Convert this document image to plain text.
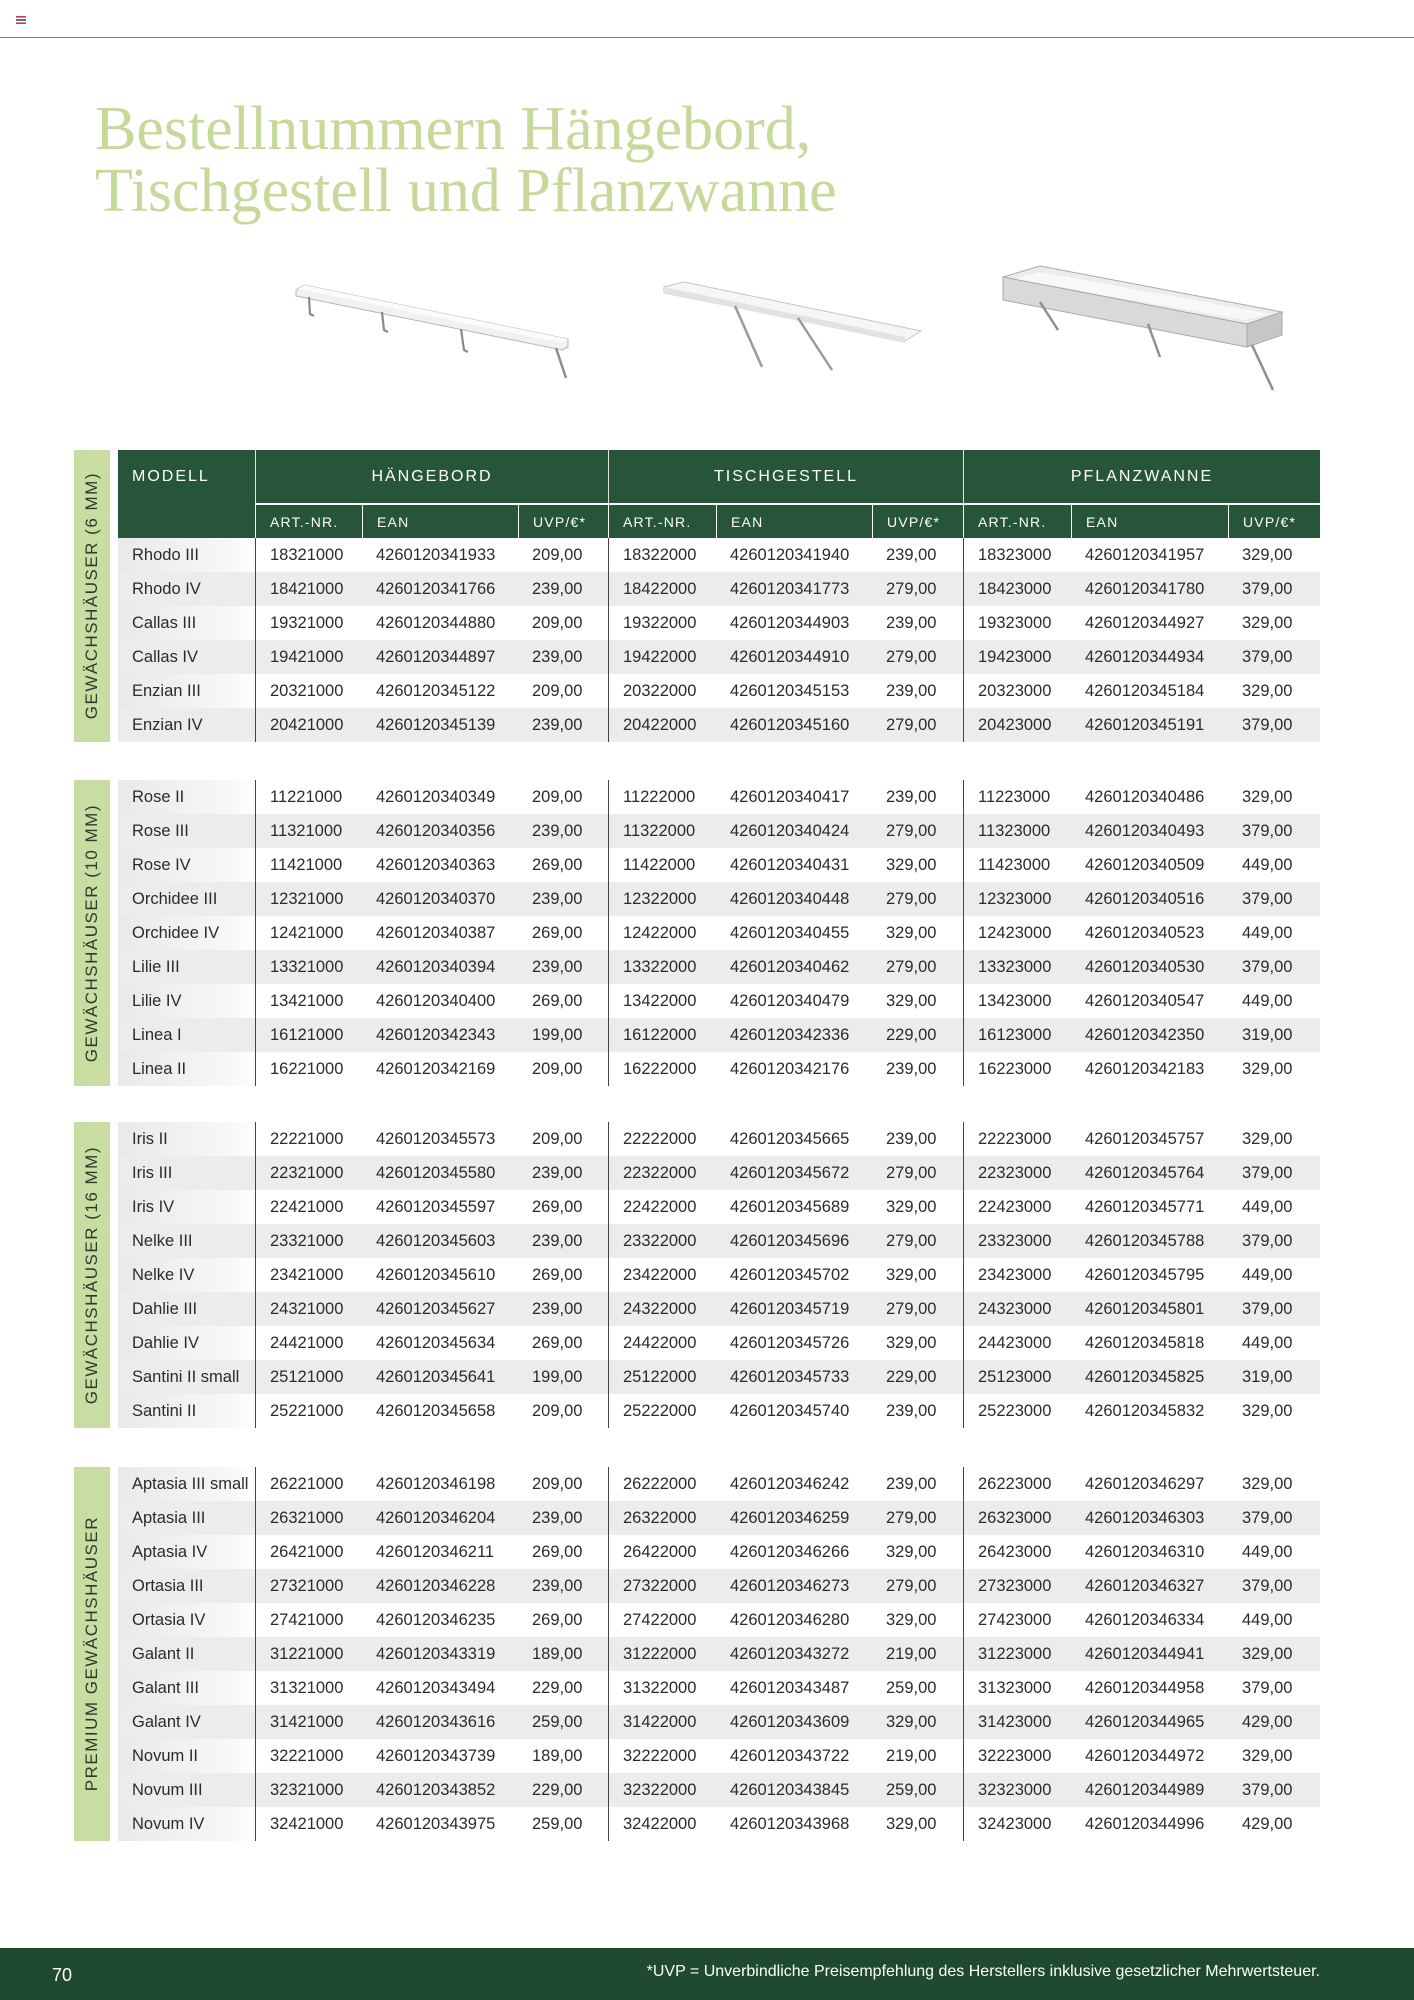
Bestellnummern Hängebord,
Tischgestell und Pflanzwanne
MODELL	HÄNGEBORD	TISCHGESTELL	PFLANZWANNE
ART.-NR.	EAN	UVP/€*	ART.-NR.	EAN	UVP/€*	ART.-NR.	EAN	UVP/€*
GEWÄCHSHÄUSER (6 MM)	Rhodo III	18321000	4260120341933	209,00	18322000	4260120341940	239,00	18323000	4260120341957	329,00
Rhodo IV	18421000	4260120341766	239,00	18422000	4260120341773	279,00	18423000	4260120341780	379,00
Callas III	19321000	4260120344880	209,00	19322000	4260120344903	239,00	19323000	4260120344927	329,00
Callas IV	19421000	4260120344897	239,00	19422000	4260120344910	279,00	19423000	4260120344934	379,00
Enzian III	20321000	4260120345122	209,00	20322000	4260120345153	239,00	20323000	4260120345184	329,00
Enzian IV	20421000	4260120345139	239,00	20422000	4260120345160	279,00	20423000	4260120345191	379,00
GEWÄCHSHÄUSER (10 MM)
Rose II	11221000	4260120340349	209,00	11222000	4260120340417	239,00	11223000	4260120340486	329,00
Rose III	11321000	4260120340356	239,00	11322000	4260120340424	279,00	11323000	4260120340493	379,00
Rose IV	11421000	4260120340363	269,00	11422000	4260120340431	329,00	11423000	4260120340509	449,00
Orchidee III	12321000	4260120340370	239,00	12322000	4260120340448	279,00	12323000	4260120340516	379,00
Orchidee IV	12421000	4260120340387	269,00	12422000	4260120340455	329,00	12423000	4260120340523	449,00
Lilie III	13321000	4260120340394	239,00	13322000	4260120340462	279,00	13323000	4260120340530	379,00
Lilie IV	13421000	4260120340400	269,00	13422000	4260120340479	329,00	13423000	4260120340547	449,00
Linea I	16121000	4260120342343	199,00	16122000	4260120342336	229,00	16123000	4260120342350	319,00
Linea II	16221000	4260120342169	209,00	16222000	4260120342176	239,00	16223000	4260120342183	329,00
GEWÄCHSHÄUSER (16 MM)
Iris II	22221000	4260120345573	209,00	22222000	4260120345665	239,00	22223000	4260120345757	329,00
Iris III	22321000	4260120345580	239,00	22322000	4260120345672	279,00	22323000	4260120345764	379,00
Iris IV	22421000	4260120345597	269,00	22422000	4260120345689	329,00	22423000	4260120345771	449,00
Nelke III	23321000	4260120345603	239,00	23322000	4260120345696	279,00	23323000	4260120345788	379,00
Nelke IV	23421000	4260120345610	269,00	23422000	4260120345702	329,00	23423000	4260120345795	449,00
Dahlie III	24321000	4260120345627	239,00	24322000	4260120345719	279,00	24323000	4260120345801	379,00
Dahlie IV	24421000	4260120345634	269,00	24422000	4260120345726	329,00	24423000	4260120345818	449,00
Santini II small	25121000	4260120345641	199,00	25122000	4260120345733	229,00	25123000	4260120345825	319,00
Santini II	25221000	4260120345658	209,00	25222000	4260120345740	239,00	25223000	4260120345832	329,00
PREMIUM GEWÄCHSHÄUSER
Aptasia III small	26221000	4260120346198	209,00	26222000	4260120346242	239,00	26223000	4260120346297	329,00
Aptasia III	26321000	4260120346204	239,00	26322000	4260120346259	279,00	26323000	4260120346303	379,00
Aptasia IV	26421000	4260120346211	269,00	26422000	4260120346266	329,00	26423000	4260120346310	449,00
Ortasia III	27321000	4260120346228	239,00	27322000	4260120346273	279,00	27323000	4260120346327	379,00
Ortasia IV	27421000	4260120346235	269,00	27422000	4260120346280	329,00	27423000	4260120346334	449,00
Galant II	31221000	4260120343319	189,00	31222000	4260120343272	219,00	31223000	4260120344941	329,00
Galant III	31321000	4260120343494	229,00	31322000	4260120343487	259,00	31323000	4260120344958	379,00
Galant IV	31421000	4260120343616	259,00	31422000	4260120343609	329,00	31423000	4260120344965	429,00
Novum II	32221000	4260120343739	189,00	32222000	4260120343722	219,00	32223000	4260120344972	329,00
Novum III	32321000	4260120343852	229,00	32322000	4260120343845	259,00	32323000	4260120344989	379,00
Novum IV	32421000	4260120343975	259,00	32422000	4260120343968	329,00	32423000	4260120344996	429,00
70	*UVP = Unverbindliche Preisempfehlung des Herstellers inklusive gesetzlicher Mehrwertsteuer.
